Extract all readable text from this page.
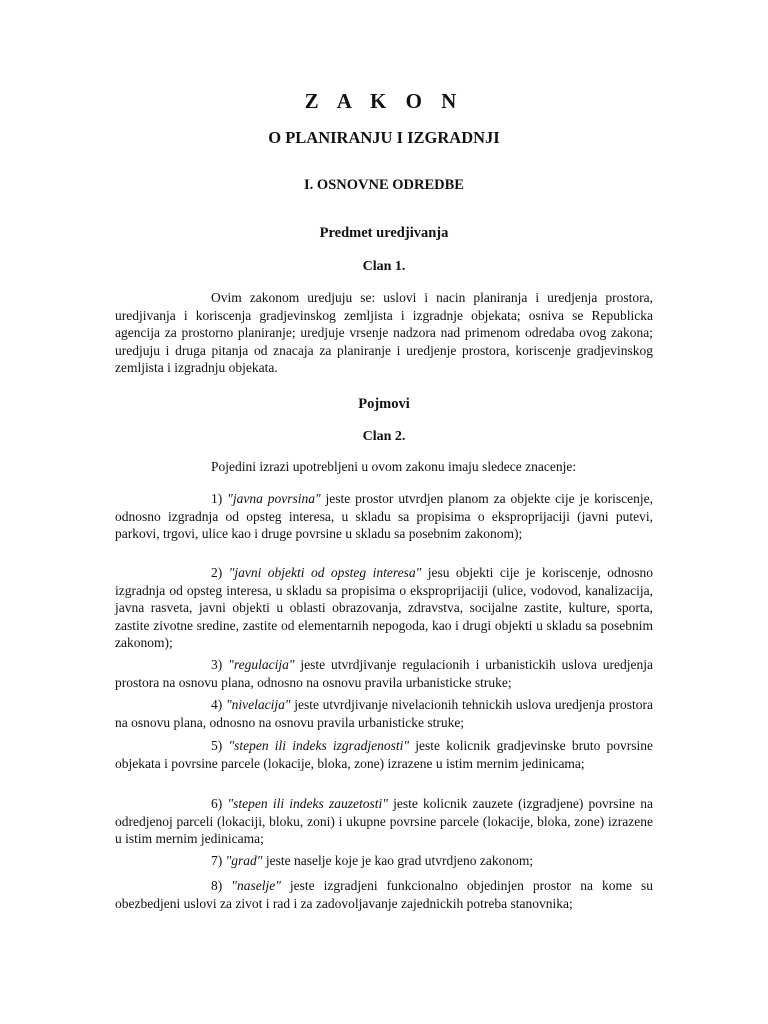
Z A K O N
O PLANIRANJU I IZGRADNJI
I. OSNOVNE ODREDBE
Predmet uredjivanja
Clan 1.
Ovim zakonom uredjuju se: uslovi i nacin planiranja i uredjenja prostora, uredjivanja i koriscenja gradjevinskog zemljista i izgradnje objekata; osniva se Republicka agencija za prostorno planiranje; uredjuje vrsenje nadzora nad primenom odredaba ovog zakona; uredjuju i druga pitanja od znacaja za planiranje i uredjenje prostora, koriscenje gradjevinskog zemljista i izgradnju objekata.
Pojmovi
Clan 2.
Pojedini izrazi upotrebljeni u ovom zakonu imaju sledece znacenje:
1) "javna povrsina" jeste prostor utvrdjen planom za objekte cije je koriscenje, odnosno izgradnja od opsteg interesa, u skladu sa propisima o eksproprijaciji (javni putevi, parkovi, trgovi, ulice kao i druge povrsine u skladu sa posebnim zakonom);
2) "javni objekti od opsteg interesa" jesu objekti cije je koriscenje, odnosno izgradnja od opsteg interesa, u skladu sa propisima o eksproprijaciji (ulice, vodovod, kanalizacija, javna rasveta, javni objekti u oblasti obrazovanja, zdravstva, socijalne zastite, kulture, sporta, zastite zivotne sredine, zastite od elementarnih nepogoda, kao i drugi objekti u skladu sa posebnim zakonom);
3) "regulacija" jeste utvrdjivanje regulacionih i urbanistickih uslova uredjenja prostora na osnovu plana, odnosno na osnovu pravila urbanisticke struke;
4) "nivelacija" jeste utvrdjivanje nivelacionih tehnickih uslova uredjenja prostora na osnovu plana, odnosno na osnovu pravila urbanisticke struke;
5) "stepen ili indeks izgradjenosti" jeste kolicnik gradjevinske bruto povrsine objekata i povrsine parcele (lokacije, bloka, zone) izrazene u istim mernim jedinicama;
6) "stepen ili indeks zauzetosti" jeste kolicnik zauzete (izgradjene) povrsine na odredjenoj parceli (lokaciji, bloku, zoni) i ukupne povrsine parcele (lokacije, bloka, zone) izrazene u istim mernim jedinicama;
7) "grad" jeste naselje koje je kao grad utvrdjeno zakonom;
8) "naselje" jeste izgradjeni funkcionalno objedinjen prostor na kome su obezbedjeni uslovi za zivot i rad i za zadovoljavanje zajednickih potreba stanovnika;
